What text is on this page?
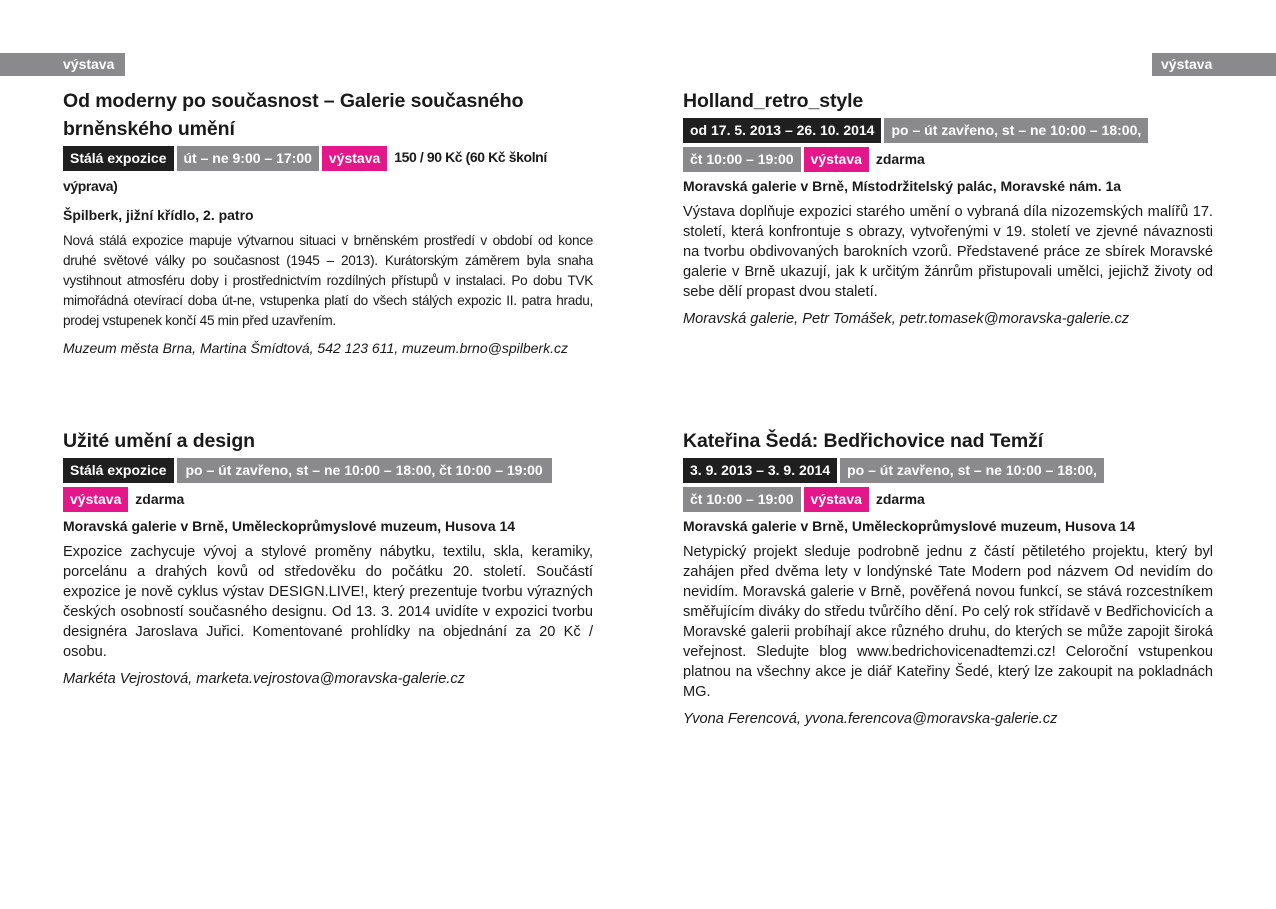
výstava	výstava
Od moderny po současnost – Galerie současného brněnského umění

Stálá expozice út – ne 9:00 – 17:00 výstava 150 / 90 Kč (60 Kč školní výprava)

Špilberk, jižní křídlo, 2. patro

Nová stálá expozice mapuje výtvarnou situaci v brněnském prostředí v období od konce druhé světové války po současnost (1945 – 2013). Kurátorským záměrem byla snaha vystihnout atmosféru doby i prostřednictvím rozdílných přístupů v instalaci. Po dobu TVK mimořádná otevírací doba út-ne, vstupenka platí do všech stálých expozic II. patra hradu, prodej vstupenek končí 45 min před uzavřením.

Muzeum města Brna, Martina Šmídtová, 542 123 611, muzeum.brno@spilberk.cz

Holland_retro_style

od 17. 5. 2013 – 26. 10. 2014 po – út zavřeno, st – ne 10:00 – 18:00,

čt 10:00 – 19:00 výstava zdarma

Moravská galerie v Brně, Místodržitelský palác, Moravské nám. 1a

Výstava doplňuje expozici starého umění o vybraná díla nizozemských malířů 17. století, která konfrontuje s obrazy, vytvořenými v 19. století ve zjevné návaznosti na tvorbu obdivovaných barokních vzorů. Představené práce ze sbírek Moravské galerie v Brně ukazují, jak k určitým žánrům přistupovali umělci, jejichž životy od sebe dělí propast dvou staletí.

Moravská galerie, Petr Tomášek, petr.tomasek@moravska-galerie.cz

Užité umění a design

Stálá expozice po – út zavřeno, st – ne 10:00 – 18:00, čt 10:00 – 19:00

výstava zdarma

Moravská galerie v Brně, Uměleckoprůmyslové muzeum, Husova 14

Expozice zachycuje vývoj a stylové proměny nábytku, textilu, skla, keramiky, porcelánu a drahých kovů od středověku do počátku 20. století. Součástí expozice je nově cyklus výstav DESIGN.LIVE!, který prezentuje tvorbu výrazných českých osobností současného designu. Od 13. 3. 2014 uvidíte v expozici tvorbu designéra Jaroslava Juřici. Komentované prohlídky na objednání za 20 Kč / osobu.

Markéta Vejrostová, marketa.vejrostova@moravska-galerie.cz

Kateřina Šedá: Bedřichovice nad Temží

3. 9. 2013 – 3. 9. 2014 po – út zavřeno, st – ne 10:00 – 18:00,

čt 10:00 – 19:00 výstava zdarma

Moravská galerie v Brně, Uměleckoprůmyslové muzeum, Husova 14

Netypický projekt sleduje podrobně jednu z částí pětiletého projektu, který byl zahájen před dvěma lety v londýnské Tate Modern pod názvem Od nevidím do nevidím. Moravská galerie v Brně, pověřená novou funkcí, se stává rozcestníkem směřujícím diváky do středu tvůrčího dění. Po celý rok střídavě v Bedřichovicích a Moravské galerii probíhají akce různého druhu, do kterých se může zapojit široká veřejnost. Sledujte blog www.bedrichovicenadtemzi.cz! Celoroční vstupenkou platnou na všechny akce je diář Kateřiny Šedé, který lze zakoupit na pokladnách MG.

Yvona Ferencová, yvona.ferencova@moravska-galerie.cz
